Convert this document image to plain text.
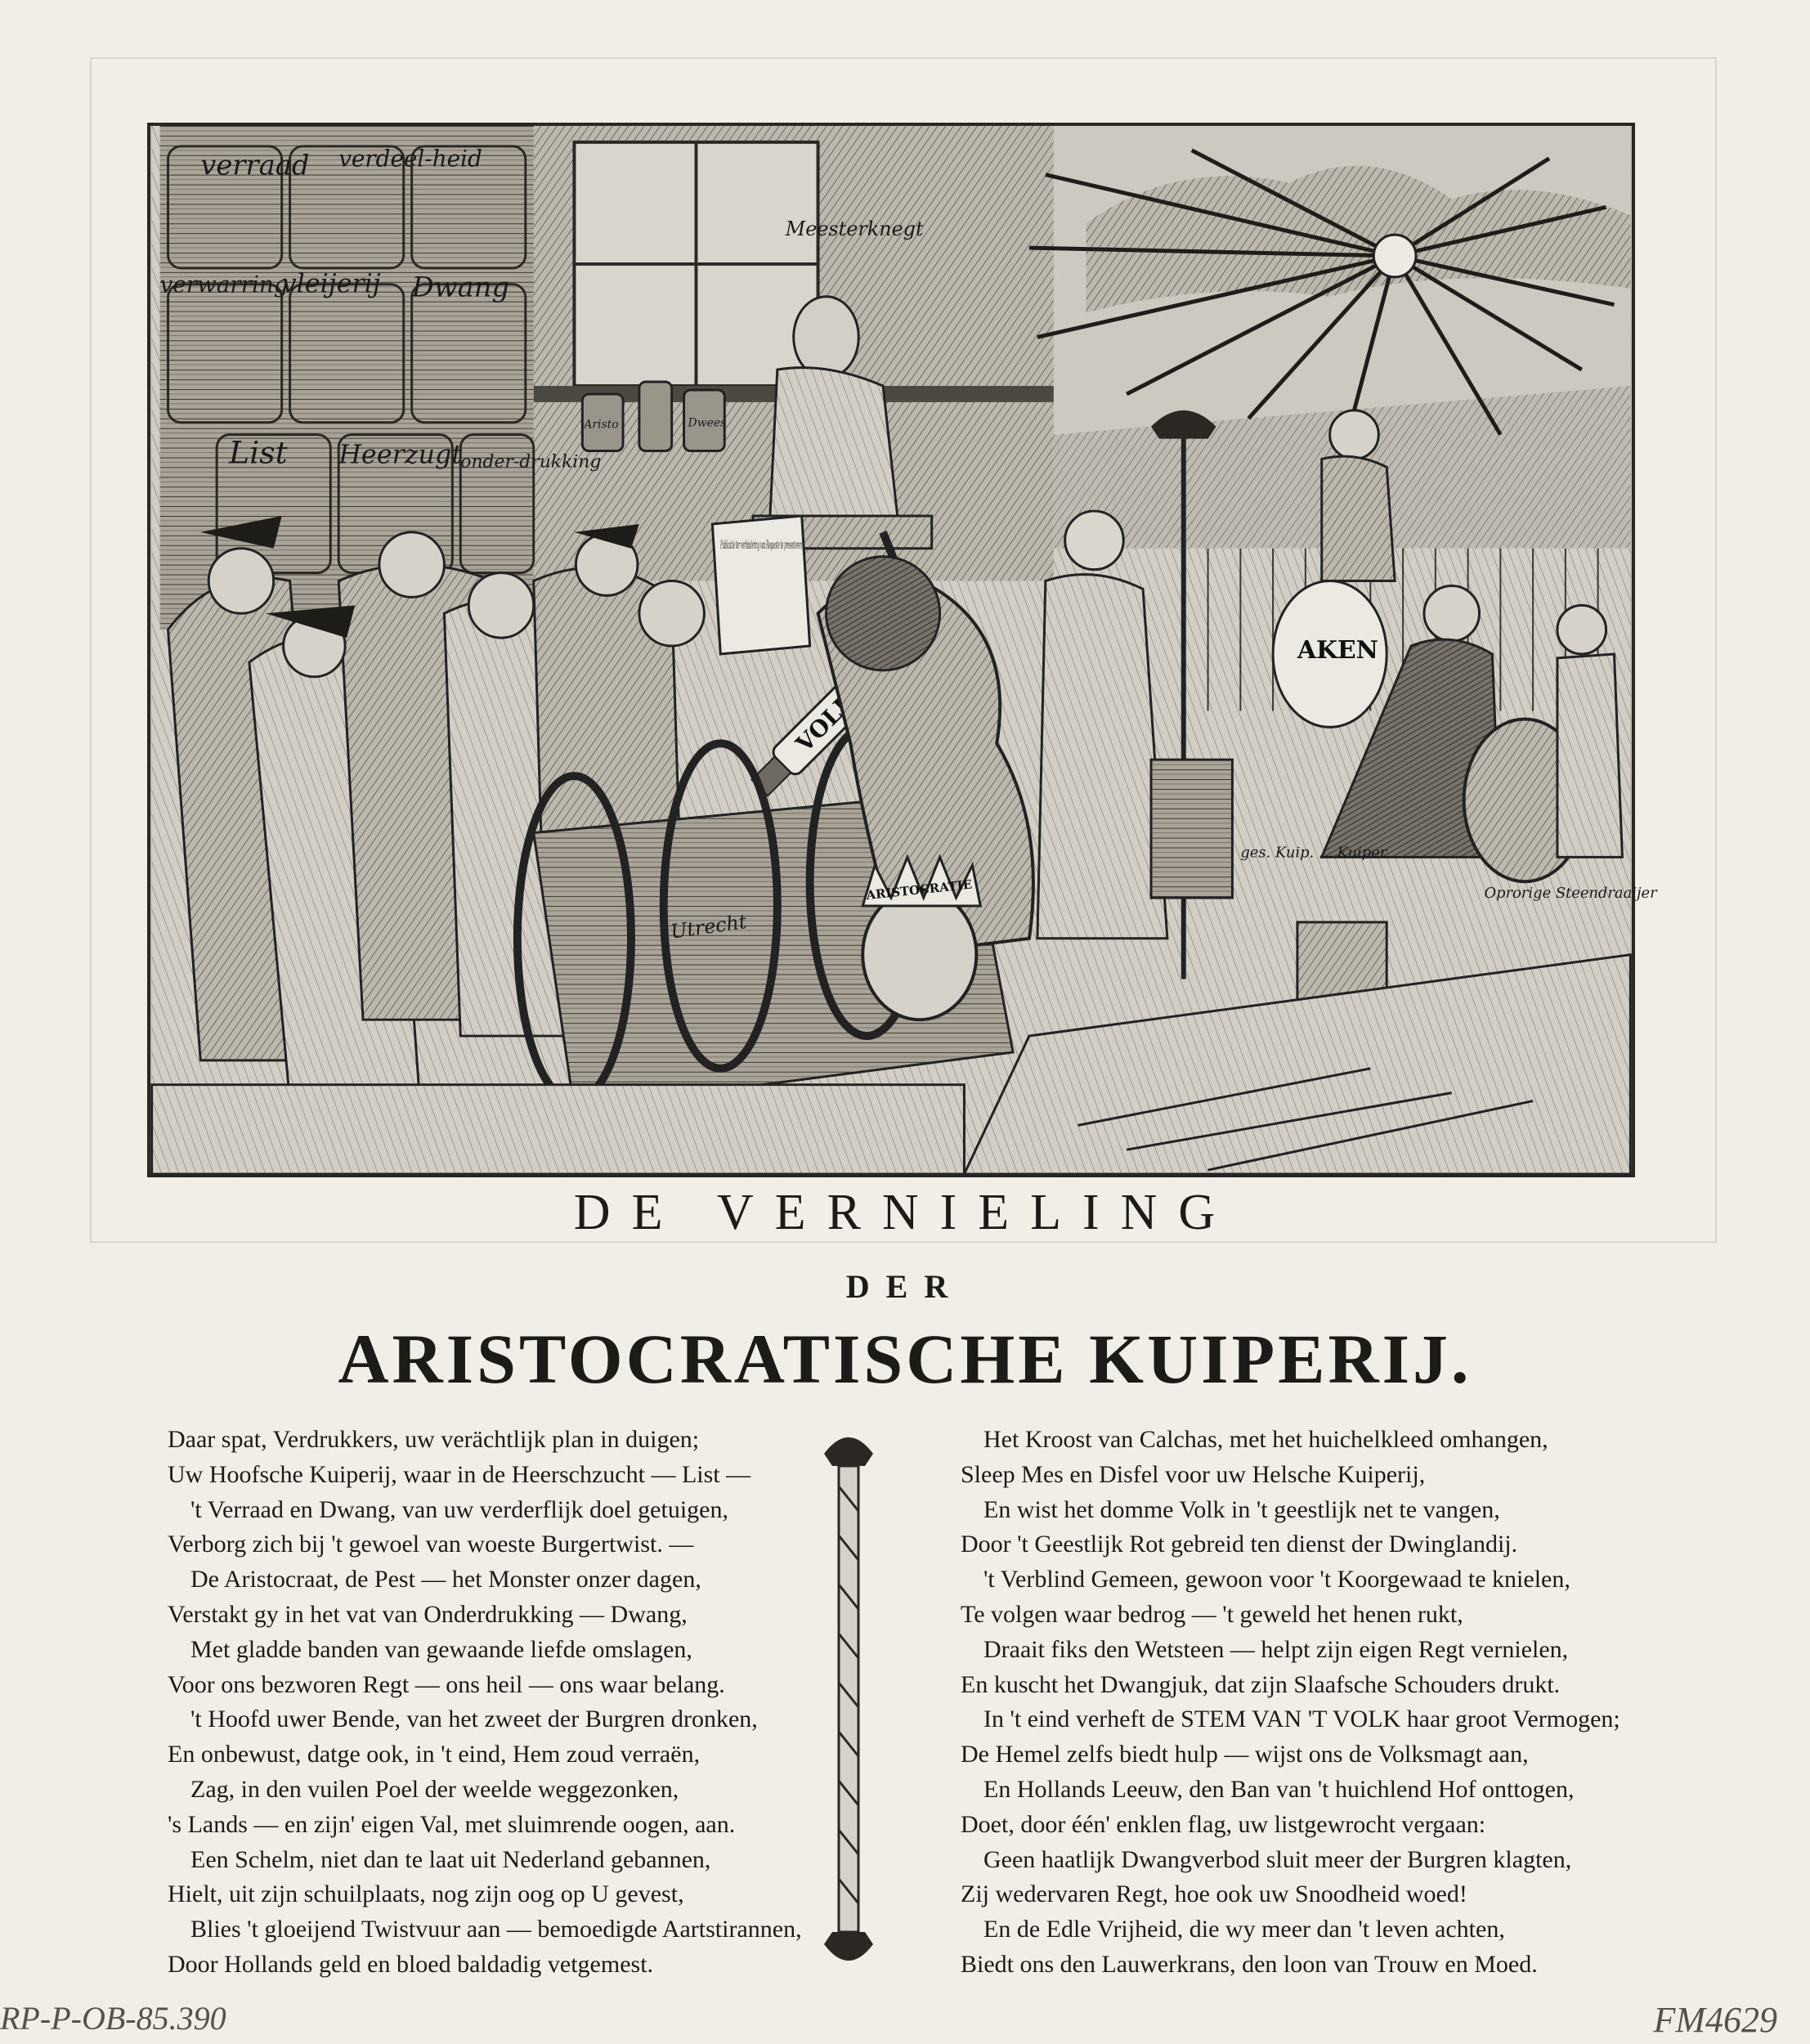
verraad verdeel-heid
verwarring
vleijerij Dwang
List Heerzugt
onder-drukking
Aristo	Dwees
Meesterknegt
Publicatie ter verhindering van Requeste te presenteren
Utrecht
ARISTOCRATIE
AKEN
ges. Kuip. ... Kuiper
Oprorige Steendraaijer
DE VERNIELING
DER
ARISTOCRATISCHE KUIPERIJ.
Daar spat, Verdrukkers, uw verächtlijk plan in duigen;
Uw Hoofsche Kuiperij, waar in de Heerschzucht — List —
't Verraad en Dwang, van uw verderflijk doel getuigen,
Verborg zich bij 't gewoel van woeste Burgertwist. —
De Aristocraat, de Pest — het Monster onzer dagen,
Verstakt gy in het vat van Onderdrukking — Dwang,
Met gladde banden van gewaande liefde omslagen,
Voor ons bezworen Regt — ons heil — ons waar belang.
't Hoofd uwer Bende, van het zweet der Burgren dronken,
En onbewust, datge ook, in 't eind, Hem zoud verraën,
Zag, in den vuilen Poel der weelde weggezonken,
's Lands — en zijn' eigen Val, met sluimrende oogen, aan.
Een Schelm, niet dan te laat uit Nederland gebannen,
Hielt, uit zijn schuilplaats, nog zijn oog op U gevest,
Blies 't gloeijend Twistvuur aan — bemoedigde Aartstirannen,
Door Hollands geld en bloed baldadig vetgemest.
Het Kroost van Calchas, met het huichelkleed omhangen,
Sleep Mes en Disfel voor uw Helsche Kuiperij,
En wist het domme Volk in 't geestlijk net te vangen,
Door 't Geestlijk Rot gebreid ten dienst der Dwinglandij.
't Verblind Gemeen, gewoon voor 't Koorgewaad te knielen,
Te volgen waar bedrog — 't geweld het henen rukt,
Draait fiks den Wetsteen — helpt zijn eigen Regt vernielen,
En kuscht het Dwangjuk, dat zijn Slaafsche Schouders drukt.
In 't eind verheft de STEM VAN 'T VOLK haar groot Vermogen;
De Hemel zelfs biedt hulp — wijst ons de Volksmagt aan,
En Hollands Leeuw, den Ban van 't huichlend Hof onttogen,
Doet, door één' enklen flag, uw listgewrocht vergaan:
Geen haatlijk Dwangverbod sluit meer der Burgren klagten,
Zij wedervaren Regt, hoe ook uw Snoodheid woed!
En de Edle Vrijheid, die wy meer dan 't leven achten,
Biedt ons den Lauwerkrans, den loon van Trouw en Moed.

RP-P-OB-85.390	FM4629
